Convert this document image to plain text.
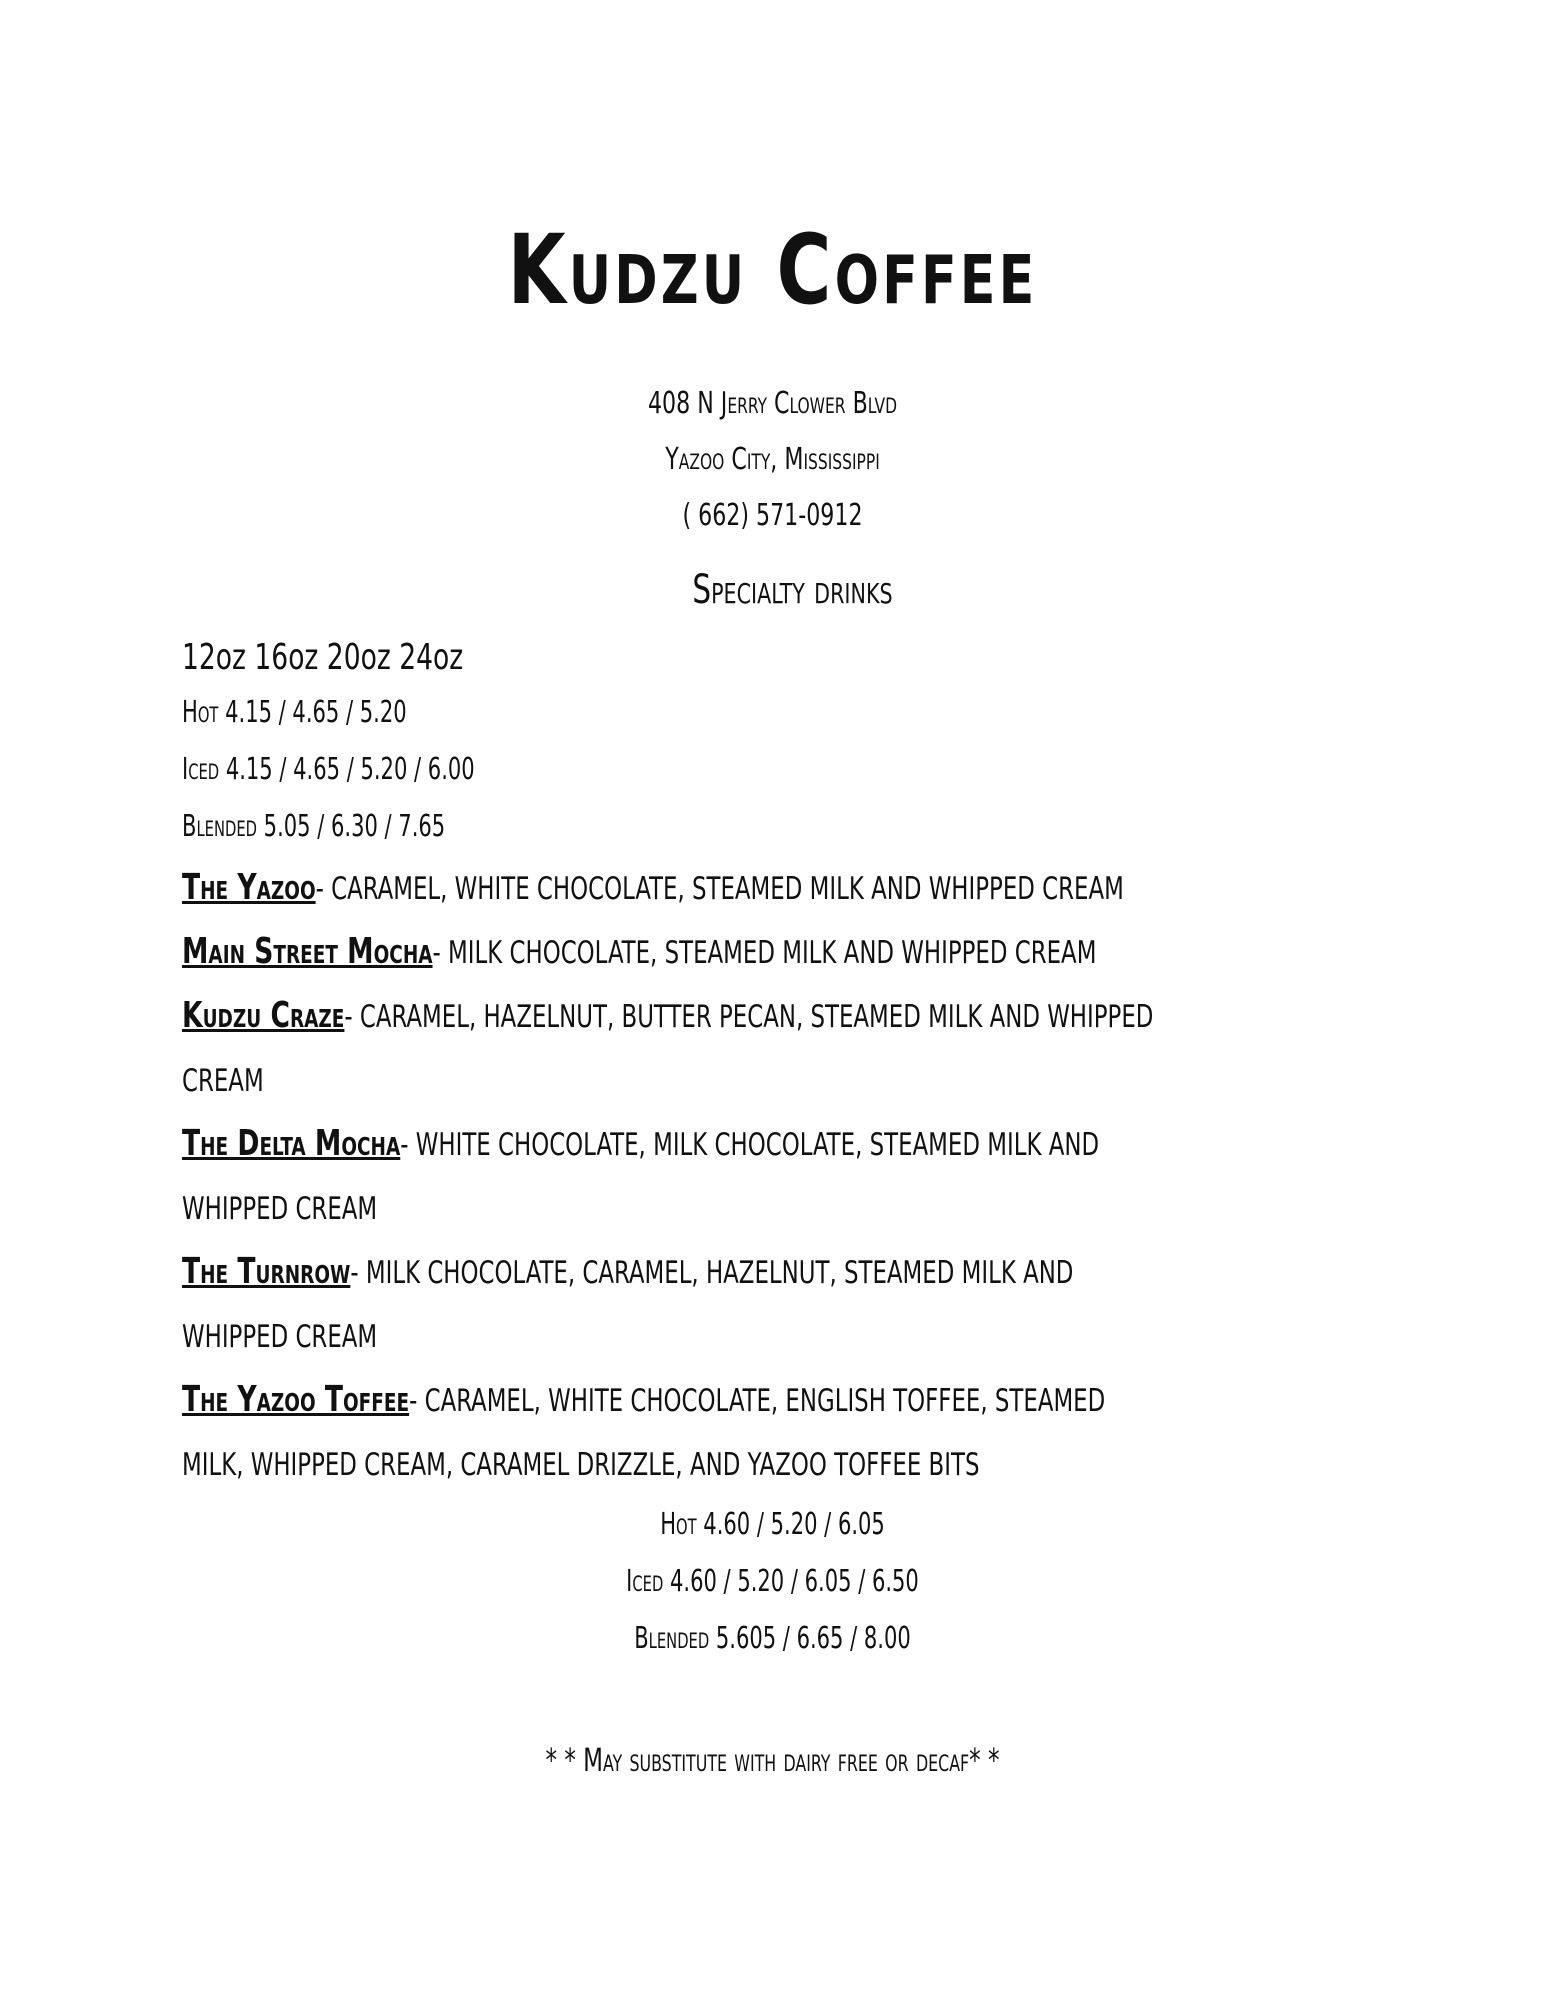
Kudzu Coffee
408 N Jerry Clower Blvd
Yazoo City, Mississippi
( 662) 571-0912
Specialty drinks
12oz 16oz 20oz 24oz
Hot 4.15 / 4.65 / 5.20
Iced 4.15 / 4.65 / 5.20 / 6.00
Blended 5.05 / 6.30 / 7.65
The Yazoo- CARAMEL, WHITE CHOCOLATE, STEAMED MILK AND WHIPPED CREAM
Main Street Mocha- MILK CHOCOLATE, STEAMED MILK AND WHIPPED CREAM
Kudzu Craze- CARAMEL, HAZELNUT, BUTTER PECAN, STEAMED MILK AND WHIPPED CREAM
The Delta Mocha- WHITE CHOCOLATE, MILK CHOCOLATE, STEAMED MILK AND WHIPPED CREAM
The Turnrow- MILK CHOCOLATE, CARAMEL, HAZELNUT, STEAMED MILK AND WHIPPED CREAM
The Yazoo Toffee- CARAMEL, WHITE CHOCOLATE, ENGLISH TOFFEE, STEAMED MILK, WHIPPED CREAM, CARAMEL DRIZZLE, AND YAZOO TOFFEE BITS
Hot 4.60 / 5.20 / 6.05
Iced 4.60 / 5.20 / 6.05 / 6.50
Blended 5.605 / 6.65 / 8.00
* * May substitute with dairy free or decaf* *
